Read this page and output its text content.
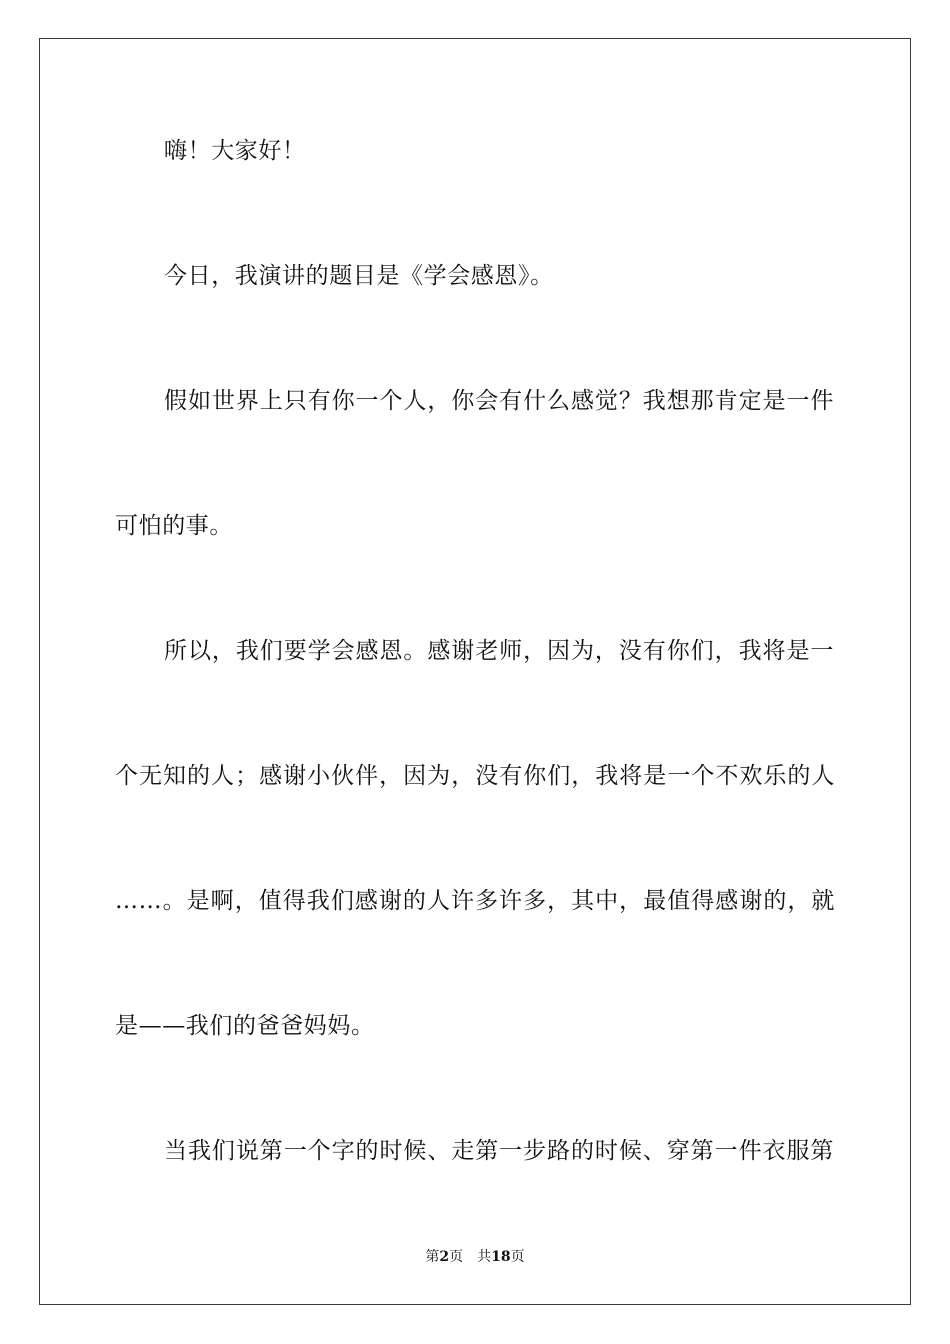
嗨！大家好！
今日，我演讲的题目是《学会感恩》。
假如世界上只有你一个人，你会有什么感觉？我想那肯定是一件
可怕的事。
所以，我们要学会感恩。感谢老师，因为，没有你们，我将是一
个无知的人；感谢小伙伴，因为，没有你们，我将是一个不欢乐的人
……。是啊，值得我们感谢的人许多许多，其中，最值得感谢的，就
是——我们的爸爸妈妈。
当我们说第一个字的时候、走第一步路的时候、穿第一件衣服第
第2页 共18页
